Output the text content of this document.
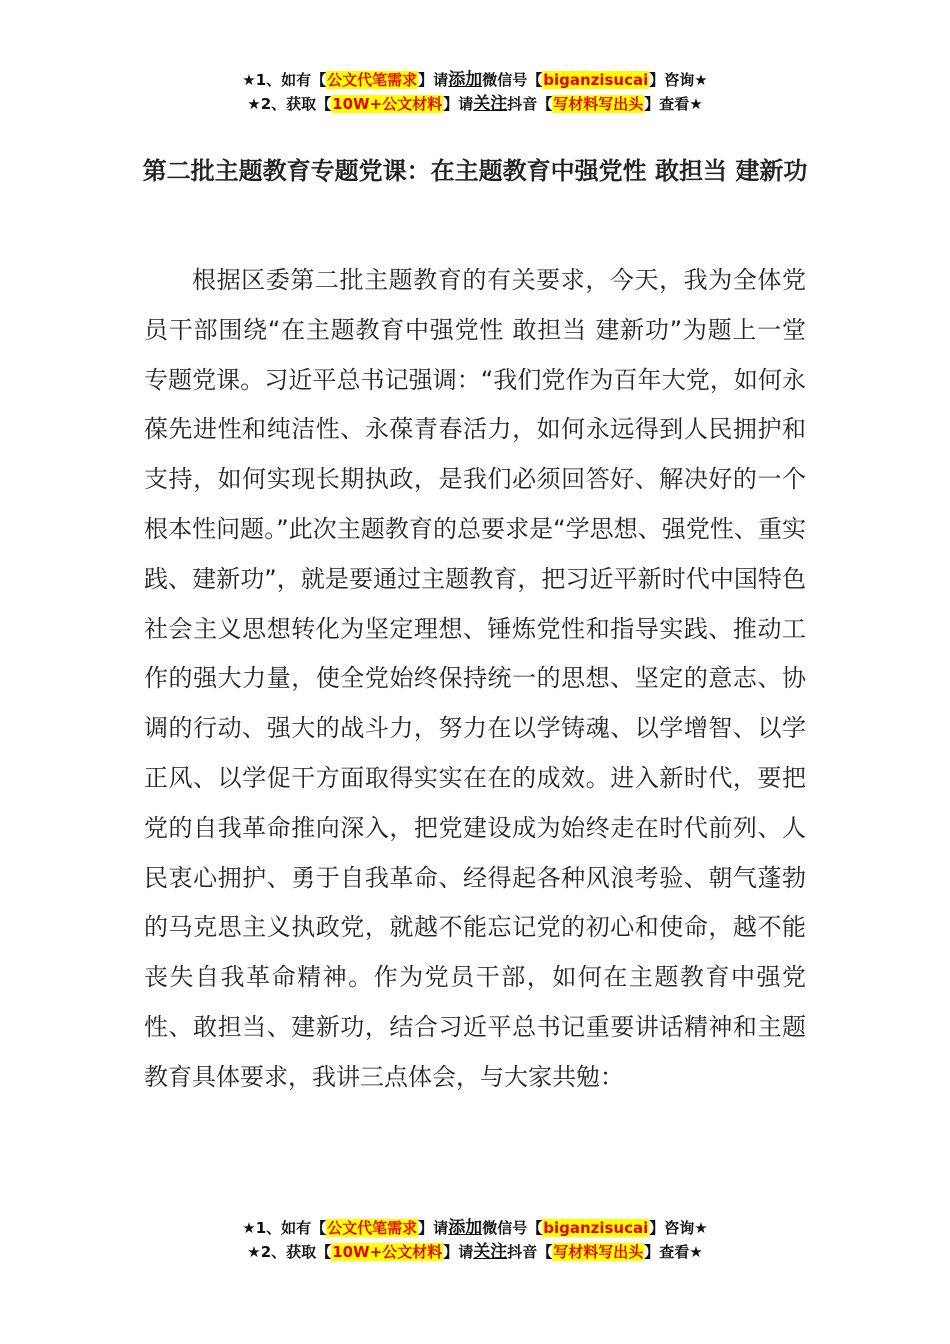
★1、如有【公文代笔需求】请添加微信号【biganzisucai】咨询★
★2、获取【10W+公文材料】请关注抖音【写材料写出头】查看★
第二批主题教育专题党课：在主题教育中强党性 敢担当 建新功

根据区委第二批主题教育的有关要求，今天，我为全体党员干部围绕“在主题教育中强党性 敢担当 建新功”为题上一堂专题党课。习近平总书记强调：“我们党作为百年大党，如何永葆先进性和纯洁性、永葆青春活力，如何永远得到人民拥护和支持，如何实现长期执政，是我们必须回答好、解决好的一个根本性问题。”此次主题教育的总要求是“学思想、强党性、重实践、建新功”，就是要通过主题教育，把习近平新时代中国特色社会主义思想转化为坚定理想、锤炼党性和指导实践、推动工作的强大力量，使全党始终保持统一的思想、坚定的意志、协调的行动、强大的战斗力，努力在以学铸魂、以学增智、以学正风、以学促干方面取得实实在在的成效。进入新时代，要把党的自我革命推向深入，把党建设成为始终走在时代前列、人民衷心拥护、勇于自我革命、经得起各种风浪考验、朝气蓬勃的马克思主义执政党，就越不能忘记党的初心和使命，越不能丧失自我革命精神。作为党员干部，如何在主题教育中强党性、敢担当、建新功，结合习近平总书记重要讲话精神和主题教育具体要求，我讲三点体会，与大家共勉：

★1、如有【公文代笔需求】请添加微信号【biganzisucai】咨询★
★2、获取【10W+公文材料】请关注抖音【写材料写出头】查看★
